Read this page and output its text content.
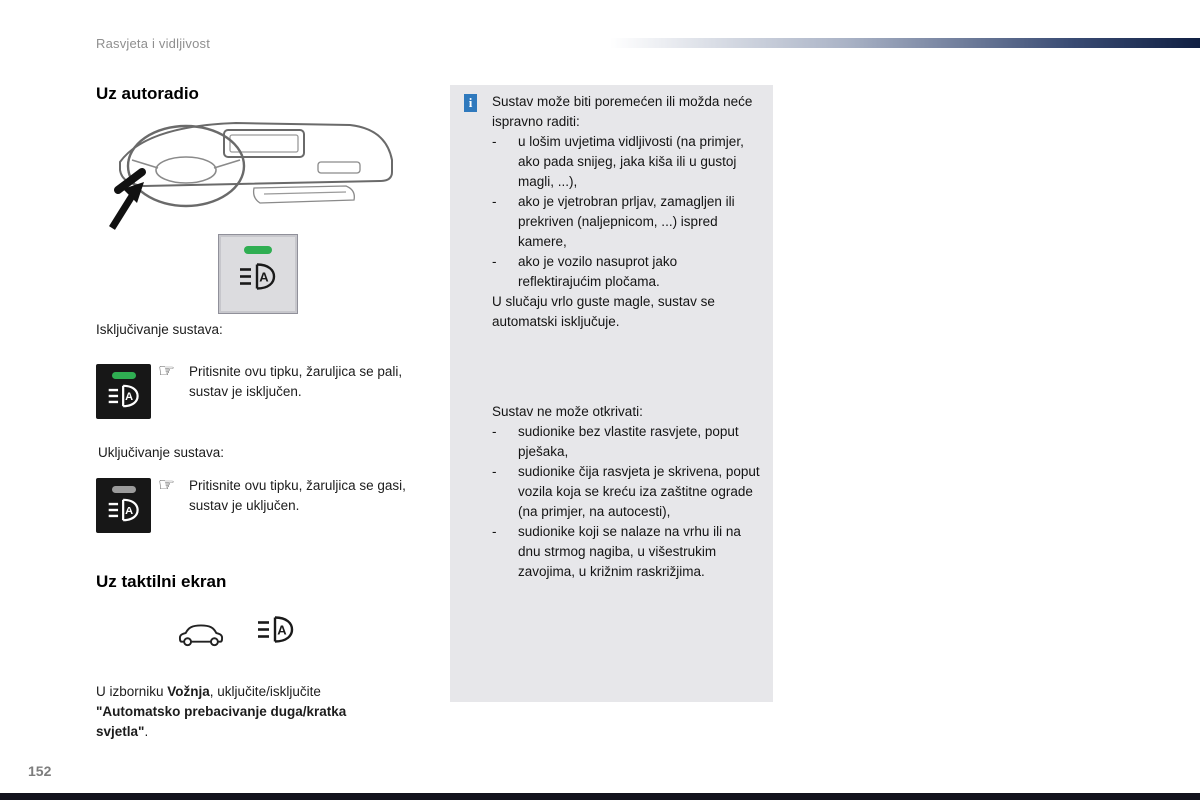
Rasvjeta i vidljivost
Uz autoradio
A
Isključivanje sustava:
A
☞ Pritisnite ovu tipku, žaruljica se pali, sustav je isključen.
Uključivanje sustava:
A
☞ Pritisnite ovu tipku, žaruljica se gasi, sustav je uključen.
Uz taktilni ekran
A
U izborniku Vožnja, uključite/isključite "Automatsko prebacivanje duga/kratka svjetla".
Sustav može biti poremećen ili možda neće ispravno raditi:
-	u lošim uvjetima vidljivosti (na primjer, ako pada snijeg, jaka kiša ili u gustoj magli, ...),
-	ako je vjetrobran prljav, zamagljen ili prekriven (naljepnicom, ...) ispred kamere,
-	ako je vozilo nasuprot jako reflektirajućim pločama.
U slučaju vrlo guste magle, sustav se automatski isključuje.
Sustav ne može otkrivati:
-	sudionike bez vlastite rasvjete, poput pješaka,
-	sudionike čija rasvjeta je skrivena, poput vozila koja se kreću iza zaštitne ograde (na primjer, na autocesti),
-	sudionike koji se nalaze na vrhu ili na dnu strmog nagiba, u višestrukim zavojima, u križnim raskrižjima.
i
152
